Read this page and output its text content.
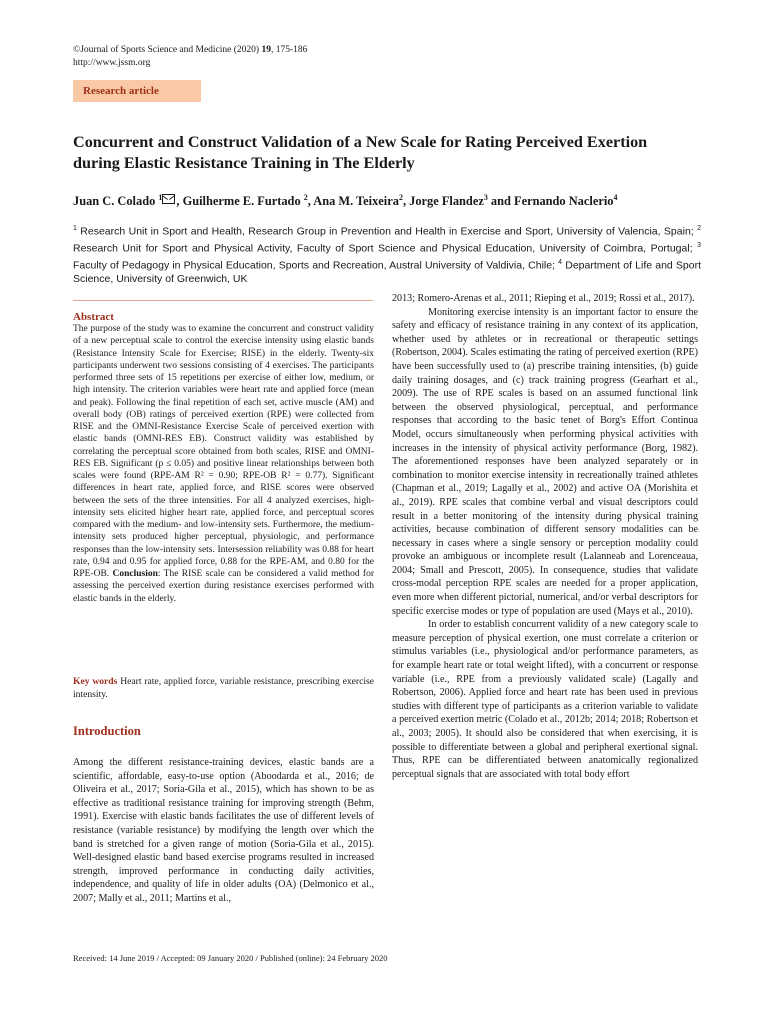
©Journal of Sports Science and Medicine (2020) 19, 175-186
http://www.jssm.org
Research article
Concurrent and Construct Validation of a New Scale for Rating Perceived Exertion during Elastic Resistance Training in The Elderly
Juan C. Colado $^1$ , Guilherme E. Furtado $^2$, Ana M. Teixeira$^2$, Jorge Flandez$^3$ and Fernando Naclerio$^4$
$^1$ Research Unit in Sport and Health, Research Group in Prevention and Health in Exercise and Sport, University of Valencia, Spain; $^2$ Research Unit for Sport and Physical Activity, Faculty of Sport Science and Physical Education, University of Coimbra, Portugal; $^3$ Faculty of Pedagogy in Physical Education, Sports and Recreation, Austral University of Valdivia, Chile; $^4$ Department of Life and Sport Science, University of Greenwich, UK
Abstract
The purpose of the study was to examine the concurrent and construct validity of a new perceptual scale to control the exercise intensity using elastic bands (Resistance Intensity Scale for Exercise; RISE) in the elderly. Twenty-six participants underwent two sessions consisting of 4 exercises. The participants performed three sets of 15 repetitions per exercise of either low, medium, or high intensity. The criterion variables were heart rate and applied force (mean and peak). Following the final repetition of each set, active muscle (AM) and overall body (OB) ratings of perceived exertion (RPE) were collected from RISE and the OMNI-Resistance Exercise Scale of perceived exertion with elastic bands (OMNI-RES EB). Construct validity was established by correlating the perceptual score obtained from both scales, RISE and OMNI-RES EB. Significant (p ≤ 0.05) and positive linear relationships between both scales were found (RPE-AM R² = 0.90; RPE-OB R² = 0.77). Significant differences in heart rate, applied force, and RISE scores were observed between the sets of the three intensities. For all 4 analyzed exercises, high-intensity sets elicited higher heart rate, applied force, and perceptual scores compared with the medium- and low-intensity sets. Furthermore, the medium-intensity sets produced higher perceptual, physiologic, and performance responses than the low-intensity sets. Intersession reliability was 0.88 for heart rate, 0.94 and 0.95 for applied force, 0.88 for the RPE-AM, and 0.80 for the RPE-OB. Conclusion: The RISE scale can be considered a valid method for assessing the perceived exertion during resistance exercises performed with elastic bands in the elderly.
Key words Heart rate, applied force, variable resistance, prescribing exercise intensity.
Introduction

Among the different resistance-training devices, elastic bands are a scientific, affordable, easy-to-use option (Aboodarda et al., 2016; de Oliveira et al., 2017; Soria-Gila et al., 2015), which has shown to be as effective as traditional resistance training for improving strength (Behm, 1991). Exercise with elastic bands facilitates the use of different levels of resistance (variable resistance) by modifying the length over which the band is stretched for a given range of motion (Soria-Gila et al., 2015). Well-designed elastic band based exercise programs resulted in increased strength, improved performance in conducting daily activities, independence, and quality of life in older adults (OA) (Delmonico et al., 2007; Mally et al., 2011; Martins et al.,

2013; Romero-Arenas et al., 2011; Rieping et al., 2019; Rossi et al., 2017).

Monitoring exercise intensity is an important factor to ensure the safety and efficacy of resistance training in any context of its application, whether used by athletes or in recreational or therapeutic settings (Robertson, 2004). Scales estimating the rating of perceived exertion (RPE) have been successfully used to (a) prescribe training intensities, (b) guide daily training dosages, and (c) track training progress (Gearhart et al., 2009). The use of RPE scales is based on an assumed functional link between the observed physiological, perceptual, and performance responses that according to the basic tenet of Borg's Effort Continua Model, occurs simultaneously when performing physical activities with increases in the intensity of physical activity performance (Borg, 1982). The aforementioned responses have been analyzed separately or in combination to monitor exercise intensity in recreationally trained athletes (Chapman et al., 2019; Lagally et al., 2002) and active OA (Morishita et al., 2019). RPE scales that combine verbal and visual descriptors could result in a better monitoring of the intensity during physical training activities, because combination of different sensory modalities can be necessary in cases where a single sensory or perception modality could provoke an ambiguous or incomplete result (Lalanneab and Lorenceaua, 2004; Small and Prescott, 2005). In consequence, studies that validate cross-modal perception RPE scales are needed for a proper application, even more when different pictorial, numerical, and/or verbal descriptors for specific exercise modes or type of population are used (Mays et al., 2010).

In order to establish concurrent validity of a new category scale to measure perception of physical exertion, one must correlate a criterion or stimulus variables (i.e., physiological and/or performance parameters, as for example heart rate or total weight lifted), with a concurrent or response variable (i.e., RPE from a previously validated scale) (Lagally and Robertson, 2006). Applied force and heart rate has been used in previous studies with different type of participants as a criterion variable to validate a perceived exertion metric (Colado et al., 2012b; 2014; 2018; Robertson et al., 2003; 2005). It should also be considered that when exercising, it is possible to differentiate between a global and peripheral exertional signal. Thus, RPE can be differentiated between anatomically regionalized perceptual signals that are associated with total body effort

Received: 14 June 2019 / Accepted: 09 January 2020 / Published (online): 24 February 2020
